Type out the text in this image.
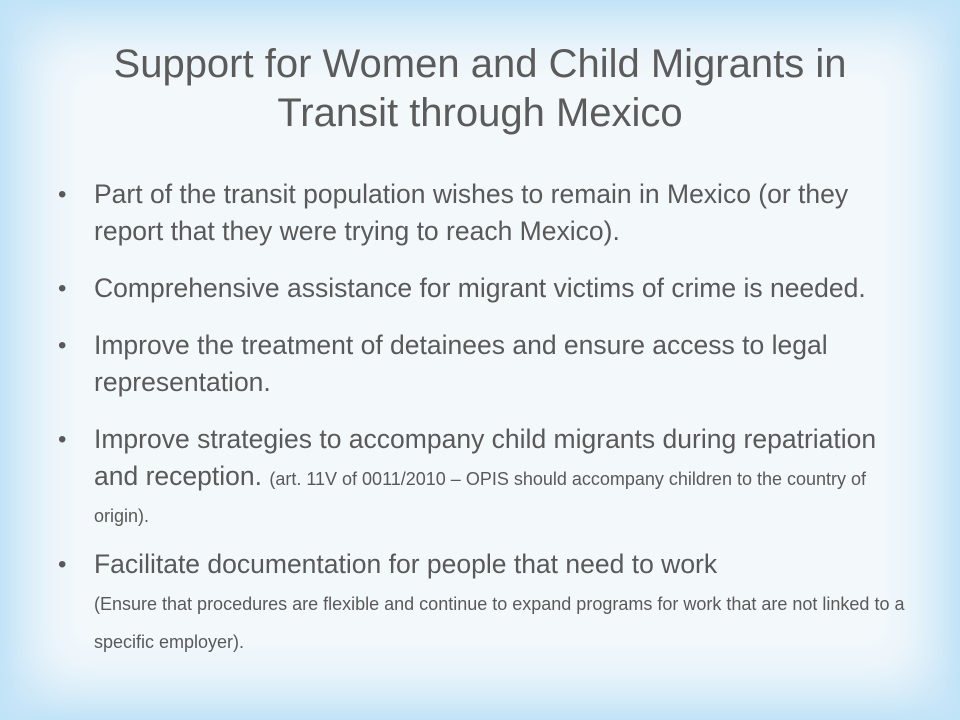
Support for Women and Child Migrants in
Transit through Mexico
• Part of the transit population wishes to remain in Mexico (or they report that they were trying to reach Mexico).
• Comprehensive assistance for migrant victims of crime is needed.
• Improve the treatment of detainees and ensure access to legal representation.
• Improve strategies to accompany child migrants during repatriation and reception. (art. 11V of 0011/2010 – OPIS should accompany children to the country of origin).
• Facilitate documentation for people that need to work
(Ensure that procedures are flexible and continue to expand programs for work that are not linked to a specific employer).
